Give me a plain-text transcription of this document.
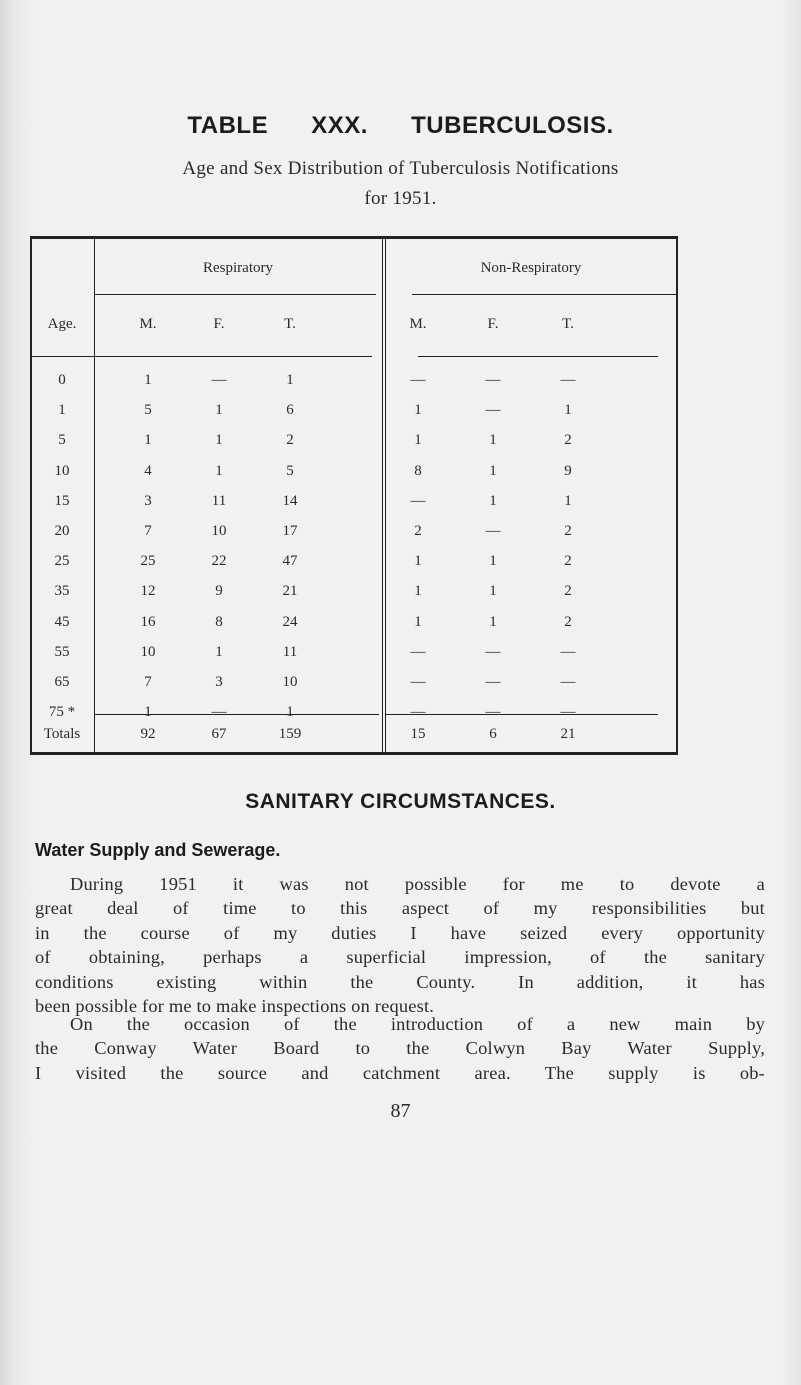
TABLE XXX. TUBERCULOSIS.
Age and Sex Distribution of Tuberculosis Notifications
for 1951.
Respiratory	Non-Respiratory
Age.	M.	F.	T.	M.	F.	T.
0	1	—	1	—	—	—
1	5	1	6	1	—	1
5	1	1	2	1	1	2
10	4	1	5	8	1	9
15	3	11	14	—	1	1
20	7	10	17	2	—	2
25	25	22	47	1	1	2
35	12	9	21	1	1	2
45	16	8	24	1	1	2
55	10	1	11	—	—	—
65	7	3	10	—	—	—
75 *	1	—	1	—	—	—
Totals	92	67	159	15	6	21
SANITARY CIRCUMSTANCES.
Water Supply and Sewerage.
During 1951 it was not possible for me to devote a
great deal of time to this aspect of my responsibilities but
in the course of my duties I have seized every opportunity
of obtaining, perhaps a superficial impression, of the sanitary
conditions existing within the County. In addition, it has
been possible for me to make inspections on request.
On the occasion of the introduction of a new main by
the Conway Water Board to the Colwyn Bay Water Supply,
I visited the source and catchment area. The supply is ob-
87
